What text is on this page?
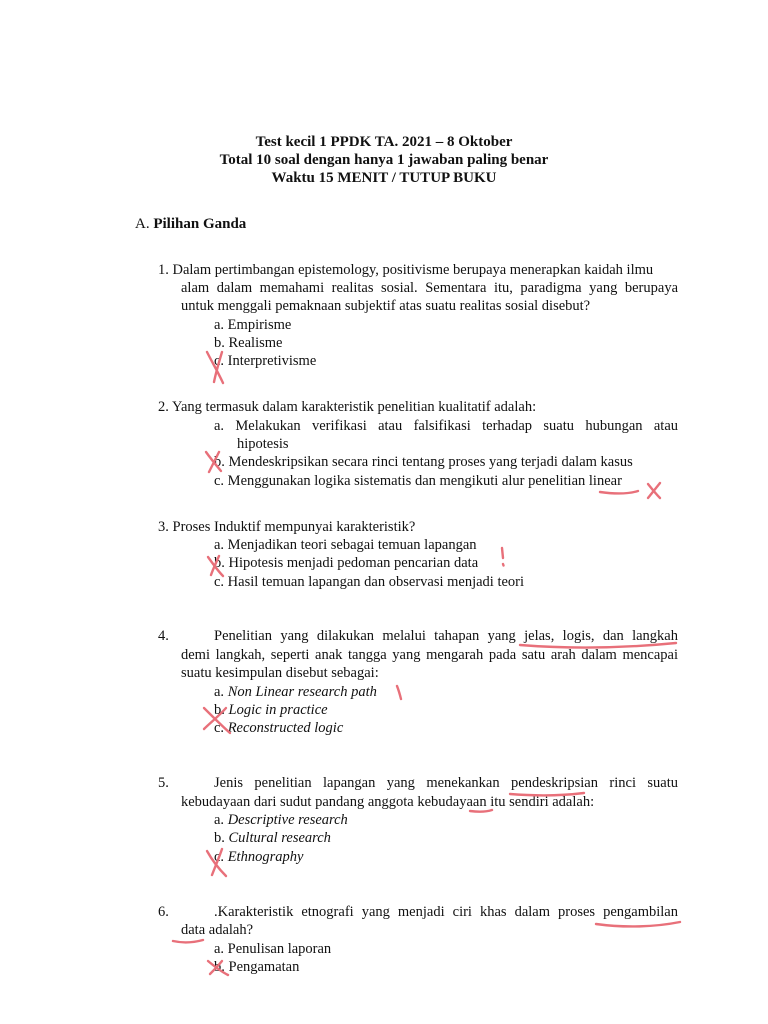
Test kecil 1 PPDK TA. 2021 – 8 Oktober
Total 10 soal dengan hanya 1 jawaban paling benar
Waktu 15 MENIT / TUTUP BUKU
A. Pilihan Ganda
1. Dalam pertimbangan epistemology, positivisme berupaya menerapkan kaidah ilmu
alam dalam memahami realitas sosial. Sementara itu, paradigma yang berupaya
untuk menggali pemaknaan subjektif atas suatu realitas sosial disebut?
a. Empirisme
b. Realisme
c. Interpretivisme
2. Yang termasuk dalam karakteristik penelitian kualitatif adalah:
a. Melakukan verifikasi atau falsifikasi terhadap suatu hubungan atau
hipotesis
b. Mendeskripsikan secara rinci tentang proses yang terjadi dalam kasus
c. Menggunakan logika sistematis dan mengikuti alur penelitian linear
3. Proses Induktif mempunyai karakteristik?
a. Menjadikan teori sebagai temuan lapangan
b. Hipotesis menjadi pedoman pencarian data
c. Hasil temuan lapangan dan observasi menjadi teori
4.	Penelitian yang dilakukan melalui tahapan yang jelas, logis, dan langkah
demi langkah, seperti anak tangga yang mengarah pada satu arah dalam mencapai
suatu kesimpulan disebut sebagai:
a. Non Linear research path
b. Logic in practice
c. Reconstructed logic
5.	Jenis penelitian lapangan yang menekankan pendeskripsian rinci suatu
kebudayaan dari sudut pandang anggota kebudayaan itu sendiri adalah:
a. Descriptive research
b. Cultural research
c. Ethnography
6.	.Karakteristik etnografi yang menjadi ciri khas dalam proses pengambilan
data adalah?
a. Penulisan laporan
b. Pengamatan
